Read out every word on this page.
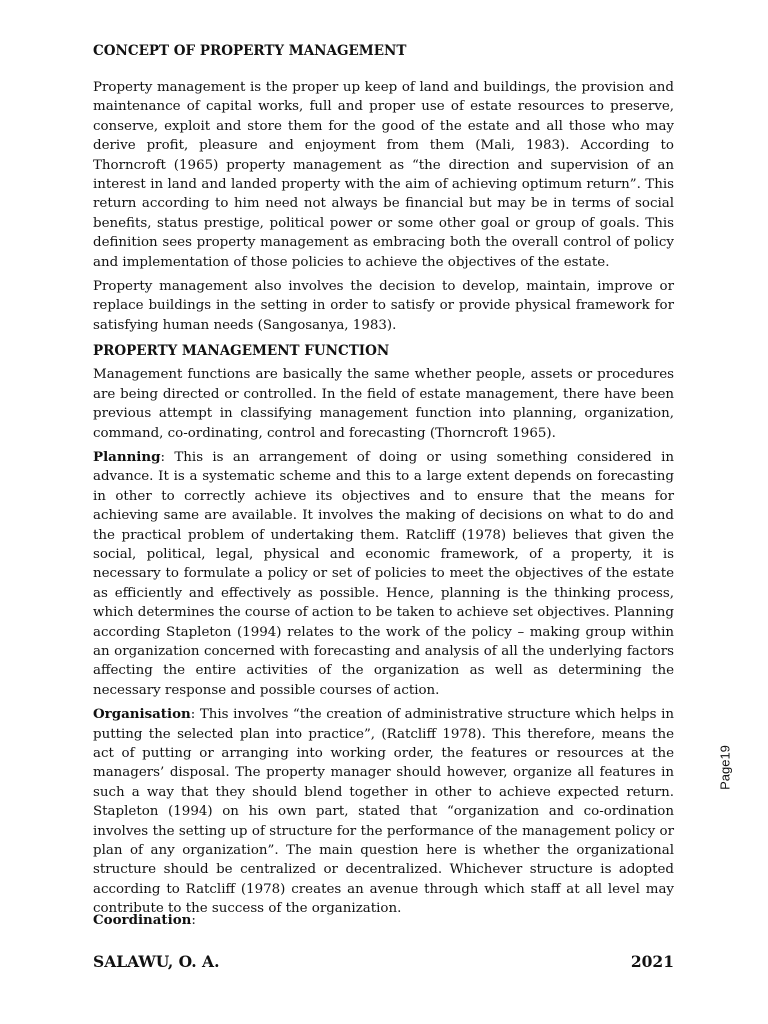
CONCEPT OF PROPERTY MANAGEMENT

Property management is the proper up keep of land and buildings, the provision and maintenance of capital works, full and proper use of estate resources to preserve, conserve, exploit and store them for the good of the estate and all those who may derive profit, pleasure and enjoyment from them (Mali, 1983). According to Thorncroft (1965) property management as “the direction and supervision of an interest in land and landed property with the aim of achieving optimum return”. This return according to him need not always be financial but may be in terms of social benefits, status prestige, political power or some other goal or group of goals. This definition sees property management as embracing both the overall control of policy and implementation of those policies to achieve the objectives of the estate.

Property management also involves the decision to develop, maintain, improve or replace buildings in the setting in order to satisfy or provide physical framework for satisfying human needs (Sangosanya, 1983).

PROPERTY MANAGEMENT FUNCTION

Management functions are basically the same whether people, assets or procedures are being directed or controlled. In the field of estate management, there have been previous attempt in classifying management function into planning, organization, command, co-ordinating, control and forecasting (Thorncroft 1965).

Planning: This is an arrangement of doing or using something considered in advance. It is a systematic scheme and this to a large extent depends on forecasting in other to correctly achieve its objectives and to ensure that the means for achieving same are available. It involves the making of decisions on what to do and the practical problem of undertaking them. Ratcliff (1978) believes that given the social, political, legal, physical and economic framework, of a property, it is necessary to formulate a policy or set of policies to meet the objectives of the estate as efficiently and effectively as possible. Hence, planning is the thinking process, which determines the course of action to be taken to achieve set objectives. Planning according Stapleton (1994) relates to the work of the policy – making group within an organization concerned with forecasting and analysis of all the underlying factors affecting the entire activities of the organization as well as determining the necessary response and possible courses of action.

Organisation: This involves “the creation of administrative structure which helps in putting the selected plan into practice”, (Ratcliff 1978). This therefore, means the act of putting or arranging into working order, the features or resources at the managers’ disposal. The property manager should however, organize all features in such a way that they should blend together in other to achieve expected return. Stapleton (1994) on his own part, stated that “organization and co-ordination involves the setting up of structure for the performance of the management policy or plan of any organization”. The main question here is whether the organizational structure should be centralized or decentralized. Whichever structure is adopted according to Ratcliff (1978) creates an avenue through which staff at all level may contribute to the success of the organization.

Coordination:
SALAWU, O. A.	2021
Page19
